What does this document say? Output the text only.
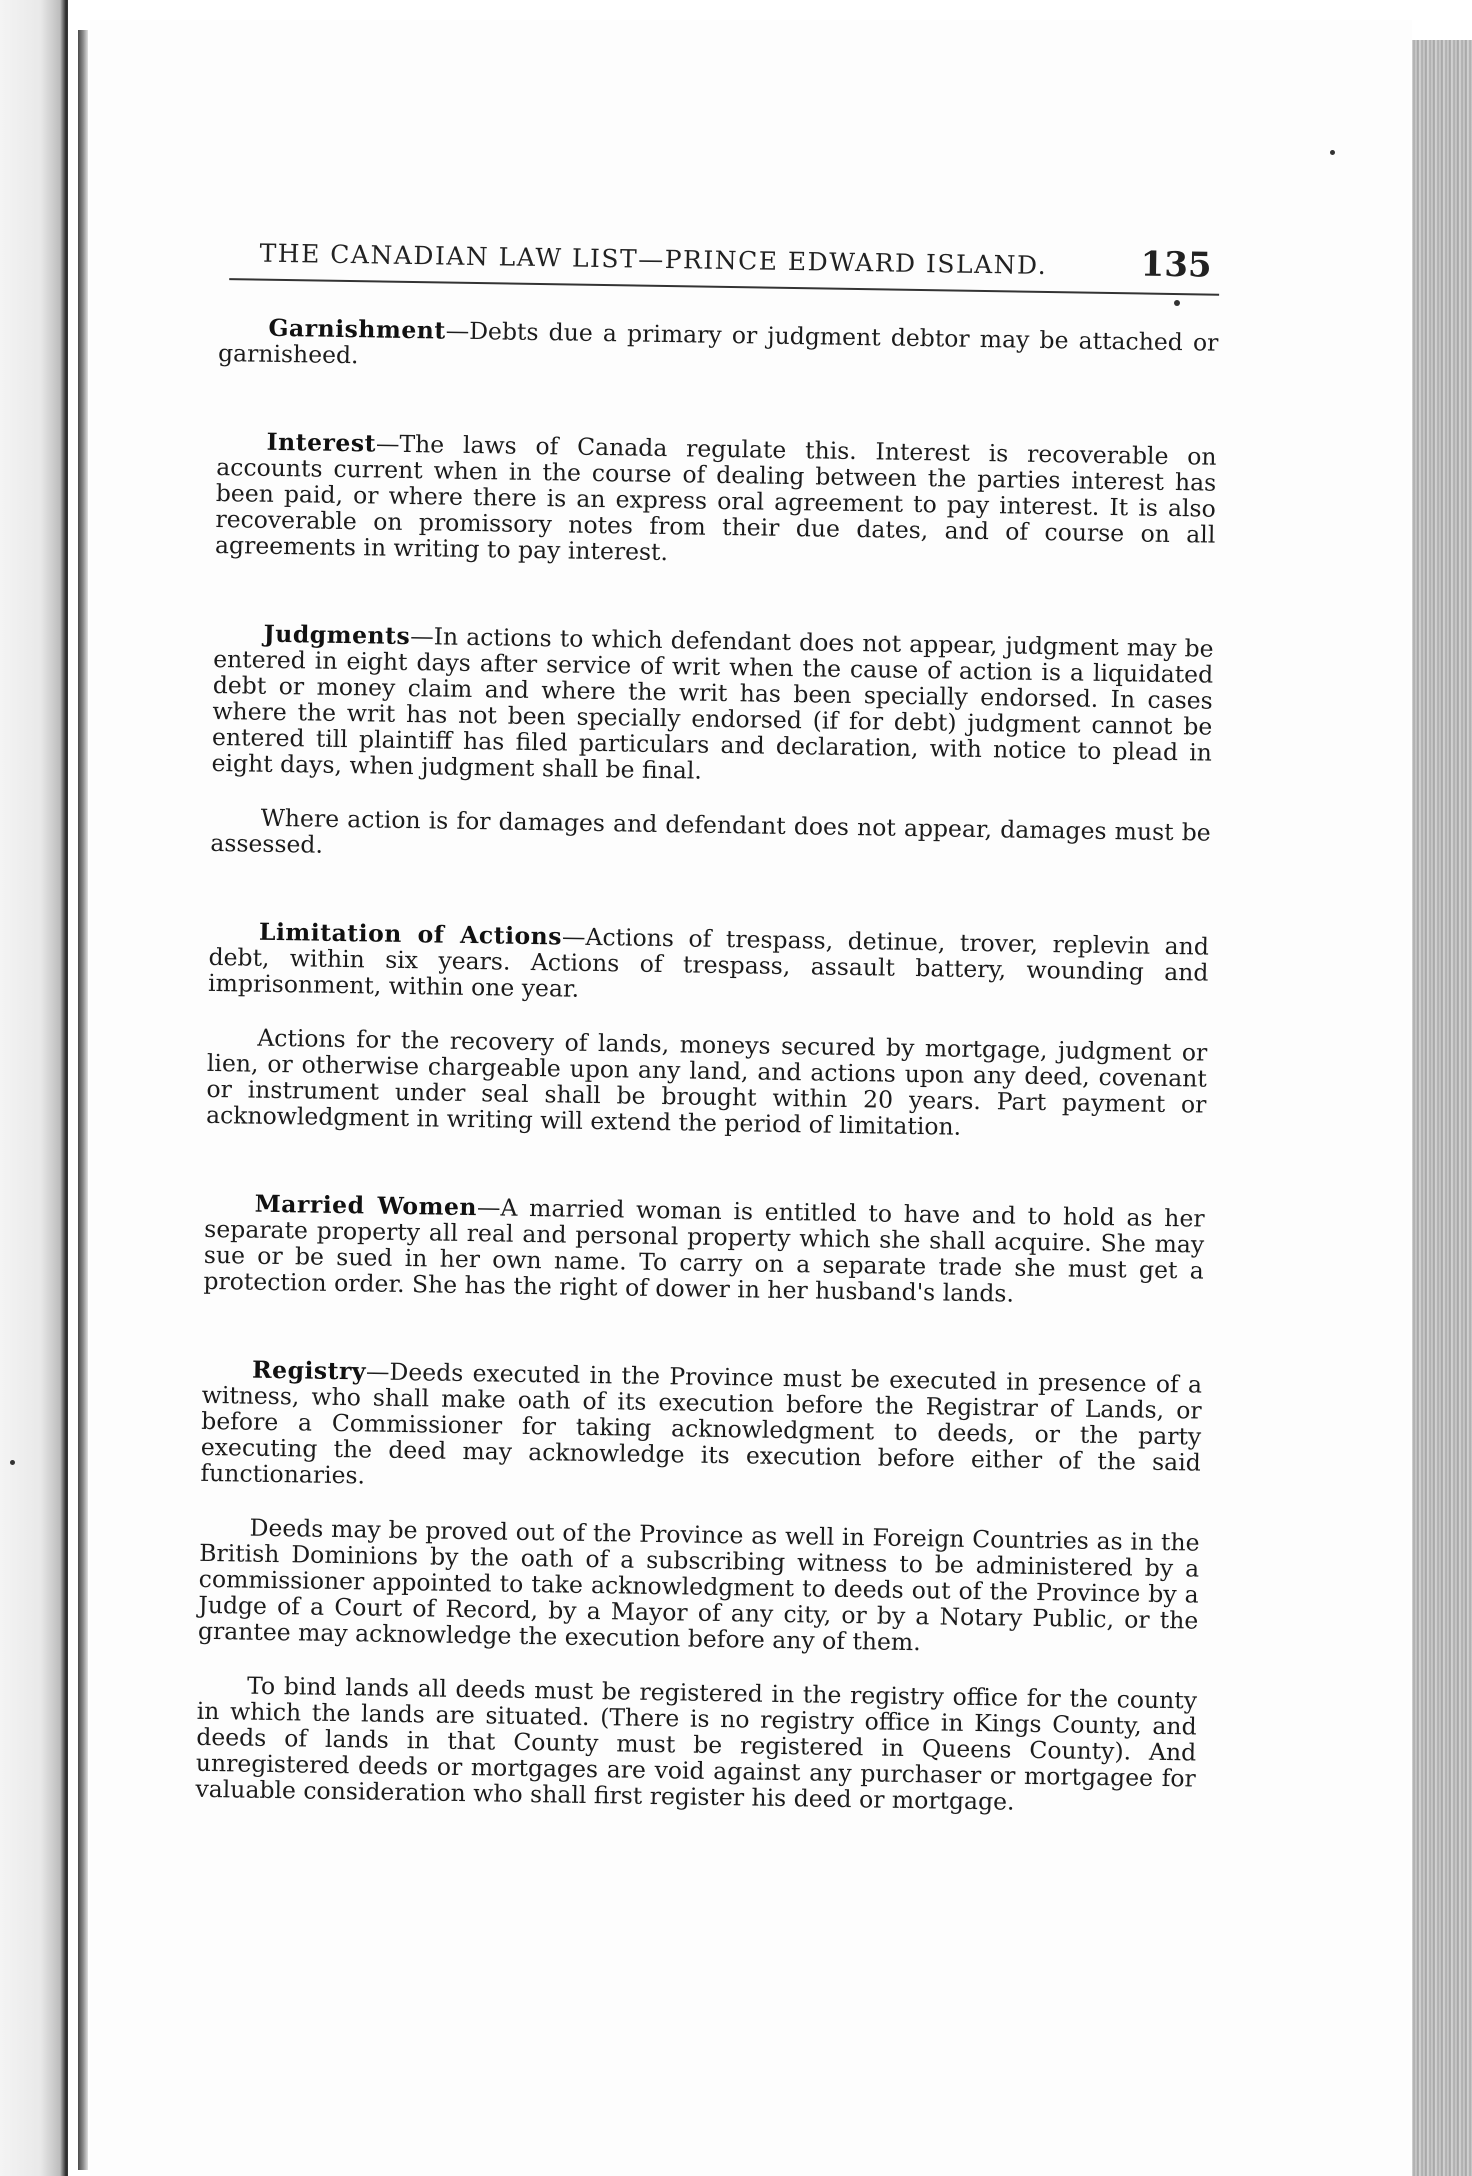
THE CANADIAN LAW LIST—PRINCE EDWARD ISLAND.	135

Garnishment—Debts due a primary or judgment debtor may be attached or garnisheed.

Interest—The laws of Canada regulate this. Interest is recoverable on accounts current when in the course of dealing between the parties interest has been paid, or where there is an express oral agreement to pay interest. It is also recoverable on promissory notes from their due dates, and of course on all agreements in writing to pay interest.

Judgments—In actions to which defendant does not appear, judgment may be entered in eight days after service of writ when the cause of action is a liquidated debt or money claim and where the writ has been specially endorsed. In cases where the writ has not been specially endorsed (if for debt) judgment cannot be entered till plaintiff has filed particulars and declaration, with notice to plead in eight days, when judgment shall be final.

Where action is for damages and defendant does not appear, damages must be assessed.

Limitation of Actions—Actions of trespass, detinue, trover, replevin and debt, within six years. Actions of trespass, assault battery, wounding and imprisonment, within one year.

Actions for the recovery of lands, moneys secured by mortgage, judgment or lien, or otherwise chargeable upon any land, and actions upon any deed, covenant or instrument under seal shall be brought within 20 years. Part payment or acknowledgment in writing will extend the period of limitation.

Married Women—A married woman is entitled to have and to hold as her separate property all real and personal property which she shall acquire. She may sue or be sued in her own name. To carry on a separate trade she must get a protection order. She has the right of dower in her husband's lands.

Registry—Deeds executed in the Province must be executed in presence of a witness, who shall make oath of its execution before the Registrar of Lands, or before a Commissioner for taking acknowledgment to deeds, or the party executing the deed may acknowledge its execution before either of the said functionaries.

Deeds may be proved out of the Province as well in Foreign Countries as in the British Dominions by the oath of a subscribing witness to be administered by a commissioner appointed to take acknowledgment to deeds out of the Province by a Judge of a Court of Record, by a Mayor of any city, or by a Notary Public, or the grantee may acknowledge the execution before any of them.

To bind lands all deeds must be registered in the registry office for the county in which the lands are situated. (There is no registry office in Kings County, and deeds of lands in that County must be registered in Queens County). And unregistered deeds or mortgages are void against any purchaser or mortgagee for valuable consideration who shall first register his deed or mortgage.
